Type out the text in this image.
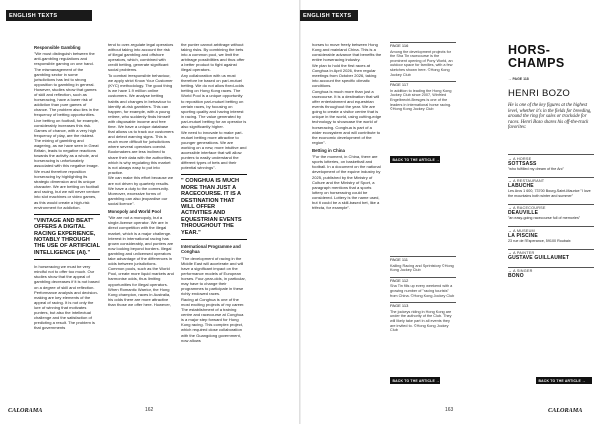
ENGLISH TEXTS	ENGLISH TEXTS
Responsible Gambling

"We must distinguish between the anti-gambling regulations and responsible gaming on one hand. The mismanagement of the gambling sector in some jurisdictions has led to strong opposition to gambling in general. However, studies show that games of skill and reflection, such as horseracing, have a lower risk of addiction than pure games of chance. The problem also lies in the frequency of betting opportunities. Live betting on football, for example, considerably increases this risk. Games of chance, with a very high frequency of play, are the riskiest. The mixing of gambling and wagering, as we have seen in Great Britain, leads to negative reactions towards the activity as a whole, and horseracing is unfortunately associated with this negative image.

We must therefore reposition horseracing by highlighting its strategic dimension and its unique character. We are betting on football and racing, but we will never venture into slot machines or video games, as this would create a high-risk environment for addiction.

"VINTAGE AND BEAT" OFFERS A DIGITAL RACING EXPERIENCE, NOTABLY THROUGH THE USE OF ARTIFICIAL INTELLIGENCE (AI)."

In horseracing we must be very mindful not to offer too much. Our studies show that the appeal of gambling decreases if it is not based on a degree of skill and reflection. Performance analysis and decision-making are key elements of the appeal of racing. It is not only the lure of winning that motivates punters, but also the intellectual challenge and the satisfaction of predicting a result. The problem is that governments

tend to over-regulate legal operators without taking into account the risk of illegal gambling and offshore operators, which, combined with credit betting, generate significant social problems.

To combat irresponsible behaviour, we apply strict Know Your Customer (KYC) methodology. The good thing is we have 1.9 million online customers. We analyse betting habits and changes in behaviour to identify at-risk gamblers. This can happen, for example, with a young retiree, who suddenly finds himself with disposable income and free time. We have a unique database that allows us to track our customers and detect warning signs. This is much more difficult for jurisdictions where several operators coexist. Bookmakers are less inclined to share their data with the authorities, which is why regulating this market is not always easy to put into practice.

We can make this effort because we are not driven by quarterly results. We have a duty to the community. Moreover, excessive forms of gambling can also jeopardise our social licence".

Monopoly and World Pool

"We are not a monopoly, but a single-license operator. We are in direct competition with the illegal market, which is a major challenge. Interest in international racing has grown considerably, and punters are now looking beyond borders. Illegal gambling and unlicensed operators take advantage of the differences in odds between jurisdictions. Common pools, such as the World Pool, create more liquid markets and harmonise odds, thus limiting opportunities for illegal operators. When Romantic Warrior, the Hong Kong champion, races in Australia, his odds there are more attractive than those we offer here. However,

the punter cannot arbitrage without taking risks. By combining the bets into a common pool, we limit the arbitrage possibilities and thus offer a better product to fight against illegal operators.

Any collaboration with us must therefore be based on pari-mutuel betting. We do not allow fixed-odds betting on Hong Kong races. The World Pool is a unique opportunity to reposition pari-mutuel betting on certain races, by focusing on sporting quality and having interest in racing. The value generated by pari-mutuel betting for an operator is also significantly higher.

We need to innovate to make pari-mutuel betting more attractive to younger generations. We are working on a new, more intuitive and accessible interface that will allow punters to easily understand the different types of bets and their potential winnings".

" CONGHUA IS MUCH MORE THAN JUST A RACECOURSE. IT IS A DESTINATION THAT WILL OFFER ACTIVITIES AND EQUESTRIAN EVENTS THROUGHOUT THE YEAR."
International Programme and Conghua

"The development of racing in the Middle East will accelerate and will have a significant impact on the performance models of European horses. Four-year-olds, in particular, may have to change their programmes to participate in these richly endowed races.

Racing at Conghua is one of the most exciting projects of my career. The establishment of a training centre and racecourse at Conghua is a major step forward for Hong Kong racing. This complex project, which required close collaboration with the Guangdong government, now allows

horses to move freely between Hong Kong and mainland China. This is a considerable advance that benefits the entire horseracing industry.

We plan to hold the first races at Conghua in April 2026, then regular meetings from October 2026, taking into account the specific climatic conditions.

Conghua is much more than just a racecourse. It is a destination that will offer entertainment and equestrian events throughout the year. We are going to create a visitor centre that is unique in the world, using cutting-edge technology to showcase the world of horseracing. Conghua is part of a wider ecosystem and will contribute to the economic development of the region".

Betting in China

"For the moment, in China, there are sports lotteries, on basketball and football. In a document on the national development of the equine industry by 2025, published by the Ministry of Culture and the Ministry of Sport, a paragraph mentions that a sports lottery on horseracing could be considered. Lottery is the name used, but it could be a skill-based bet, like a trifecta, for example".

PAGE 116
Among the development projects for the Sha Tin racecourse is the prominent opening of Pony World, an outdoor space for families, with a few sketches shown here. ©Hong Kong Jockey Club
PAGE 117
In addition to leading the Hong Kong Jockey Club since 2007, Winfried Engelbrecht-Bresges is one of the leaders in international horse racing. ©Hong Kong Jockey Club
BACK TO THE ARTICLE →
PAGE 111
Kalling Racing and Sprintstory ©Hong Kong Jockey Club
PAGE 112
Sha Tin fills up every weekend with a growing number of "racing tourists" from China. ©Hong Kong Jockey Club
PAGE 113
The jockeys riding in Hong Kong are under the authority of the Club. They will likely take part in all events they are invited to. ©Hong Kong Jockey Club
BACK TO THE ARTICLE →
HORS-
CHAMPS
→ PAGE 118
HENRI BOZO
He is one of the key figures at the highest level, whether it's in the fields for breeding, around the ring for sales or trackside for races. Henri Bozo shares his off-the-track favorites:
→ A HORSE
SOTTSASS
"who fulfilled my dream of the Arc"
→ A RESTAURANT
LABUCHE
Les Arcs 1 600, 73700 Bourg-Saint-Maurice "I love the mountains both winter and summer"
→ A RACECOURSE
DEAUVILLE
"an easy-going racecourse full of memories"
→ A MUSEUM
LA PISCINE
23 rue de l'Esperance, 59100 Roubaix
→ A PAINTER
GUSTAVE GUILLAUMET
→ A SINGER
BONO
BACK TO THE ARTICLE →
CALORAMA	162	163	CALORAMA
